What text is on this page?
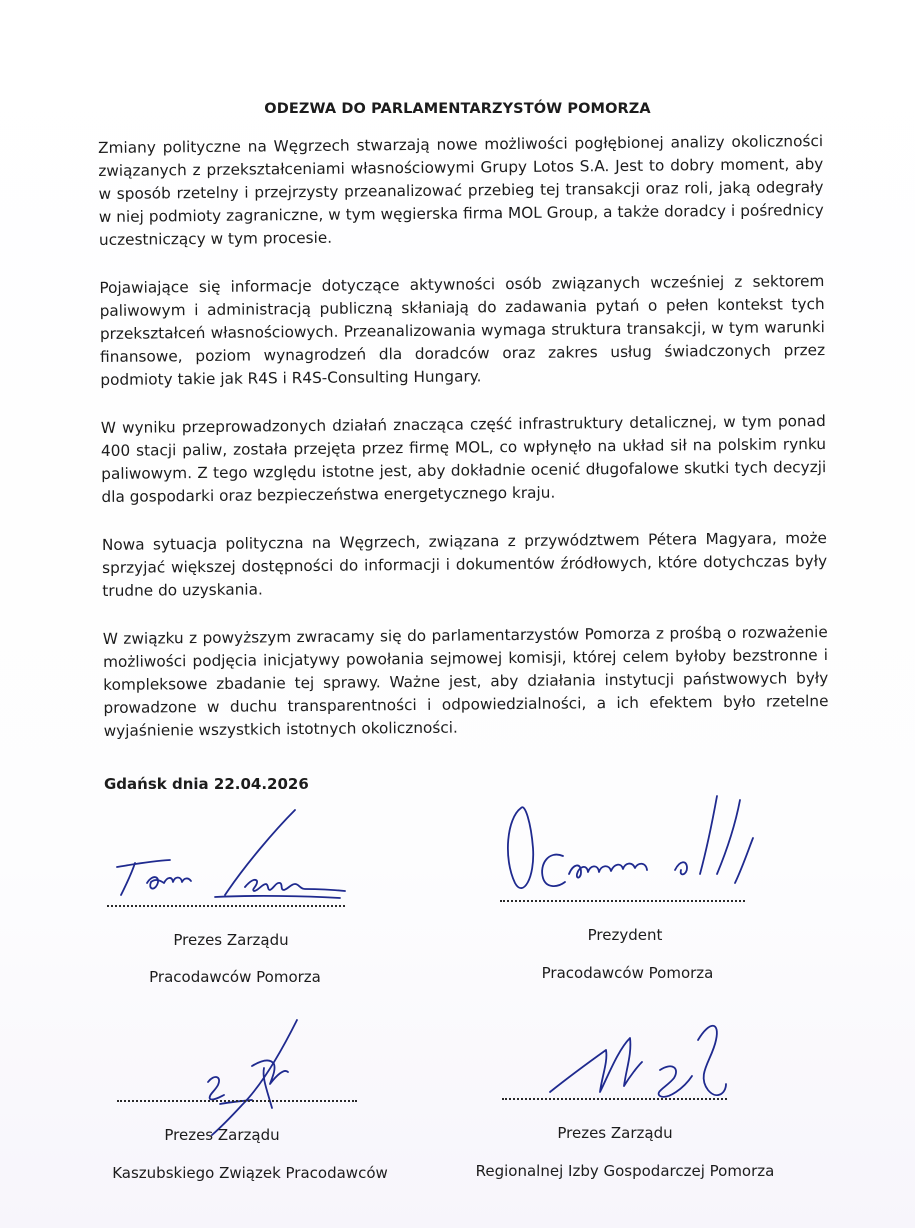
ODEZWA DO PARLAMENTARZYSTÓW POMORZA

Zmiany polityczne na Węgrzech stwarzają nowe możliwości pogłębionej analizy okoliczności związanych z przekształceniami własnościowymi Grupy Lotos S.A. Jest to dobry moment, aby w sposób rzetelny i przejrzysty przeanalizować przebieg tej transakcji oraz roli, jaką odegrały w niej podmioty zagraniczne, w tym węgierska firma MOL Group, a także doradcy i pośrednicy uczestniczący w tym procesie.

Pojawiające się informacje dotyczące aktywności osób związanych wcześniej z sektorem paliwowym i administracją publiczną skłaniają do zadawania pytań o pełen kontekst tych przekształceń własnościowych. Przeanalizowania wymaga struktura transakcji, w tym warunki finansowe, poziom wynagrodzeń dla doradców oraz zakres usług świadczonych przez podmioty takie jak R4S i R4S-Consulting Hungary.

W wyniku przeprowadzonych działań znacząca część infrastruktury detalicznej, w tym ponad 400 stacji paliw, została przejęta przez firmę MOL, co wpłynęło na układ sił na polskim rynku paliwowym. Z tego względu istotne jest, aby dokładnie ocenić długofalowe skutki tych decyzji dla gospodarki oraz bezpieczeństwa energetycznego kraju.

Nowa sytuacja polityczna na Węgrzech, związana z przywództwem Pétera Magyara, może sprzyjać większej dostępności do informacji i dokumentów źródłowych, które dotychczas były trudne do uzyskania.

W związku z powyższym zwracamy się do parlamentarzystów Pomorza z prośbą o rozważenie możliwości podjęcia inicjatywy powołania sejmowej komisji, której celem byłoby bezstronne i kompleksowe zbadanie tej sprawy. Ważne jest, aby działania instytucji państwowych były prowadzone w duchu transparentności i odpowiedzialności, a ich efektem było rzetelne wyjaśnienie wszystkich istotnych okoliczności.

Gdańsk dnia 22.04.2026
Prezes Zarządu
Pracodawców Pomorza
Prezydent
Pracodawców Pomorza
Prezes Zarządu
Kaszubskiego Związek Pracodawców
Prezes Zarządu
Regionalnej Izby Gospodarczej Pomorza
